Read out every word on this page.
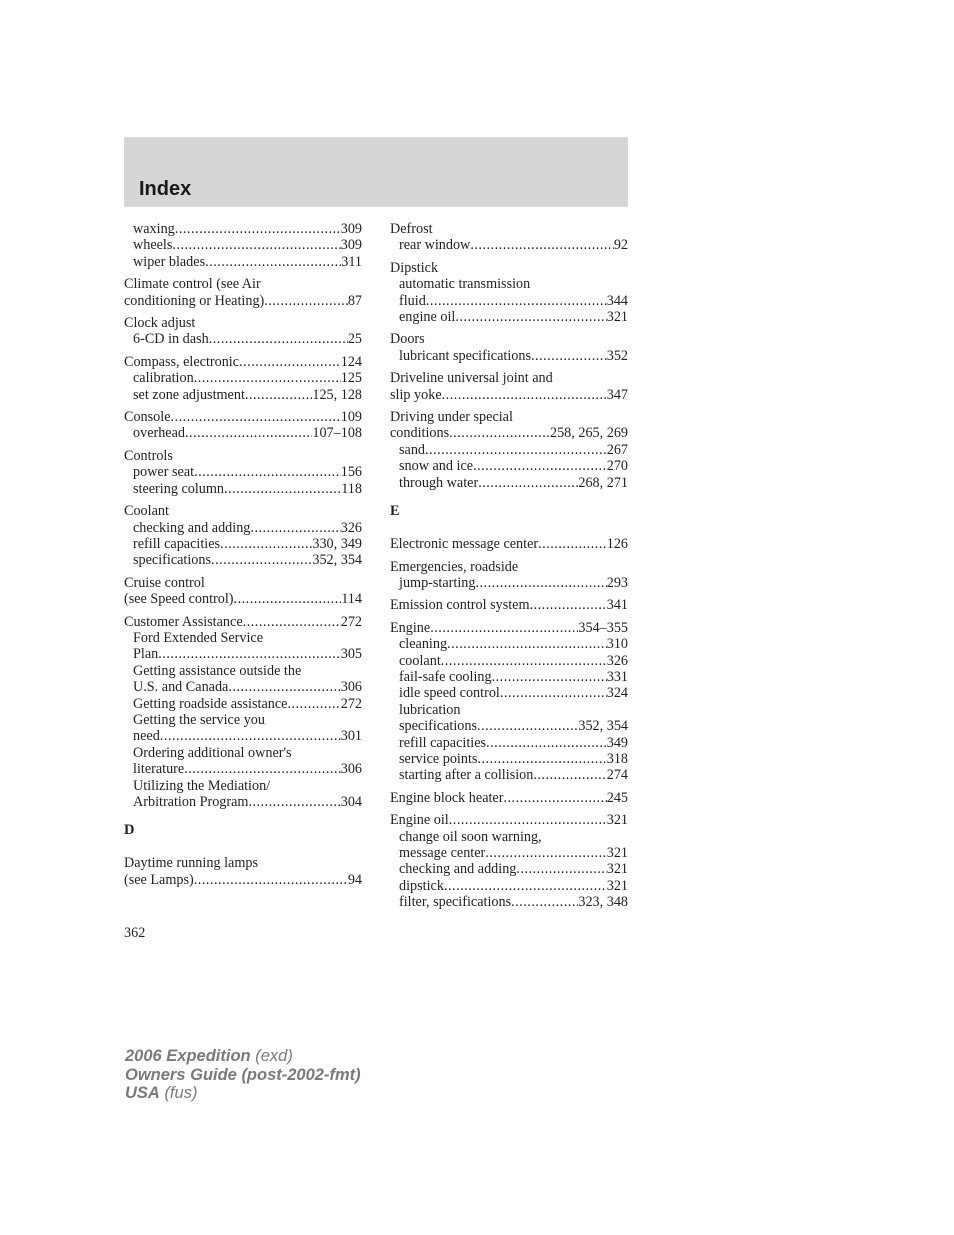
Index
waxing .....	309
wheels .....	309
wiper blades .....	311
Climate control (see Air
conditioning or Heating) .....	87
Clock adjust
6-CD in dash .....	25
Compass, electronic .....	124
calibration .....	125
set zone adjustment .....	125, 128
Console .....	109
overhead .....	107–108
Controls
power seat .....	156
steering column .....	118
Coolant
checking and adding .....	326
refill capacities .....	330, 349
specifications .....	352, 354
Cruise control
(see Speed control) .....	114
Customer Assistance .....	272
Ford Extended Service
Plan .....	305
Getting assistance outside the
U.S. and Canada .....	306
Getting roadside assistance .....	272
Getting the service you
need .....	301
Ordering additional owner's
literature .....	306
Utilizing the Mediation/
Arbitration Program .....	304
D
Daytime running lamps
(see Lamps) .....	94
Defrost
rear window .....	92
Dipstick
automatic transmission
fluid .....	344
engine oil .....	321
Doors
lubricant specifications .....	352
Driveline universal joint and
slip yoke .....	347
Driving under special
conditions .....	258, 265, 269
sand .....	267
snow and ice .....	270
through water .....	268, 271
E
Electronic message center .....	126
Emergencies, roadside
jump-starting .....	293
Emission control system .....	341
Engine .....	354–355
cleaning .....	310
coolant .....	326
fail-safe cooling .....	331
idle speed control .....	324
lubrication
specifications .....	352, 354
refill capacities .....	349
service points .....	318
starting after a collision .....	274
Engine block heater .....	245
Engine oil .....	321
change oil soon warning,
message center .....	321
checking and adding .....	321
dipstick .....	321
filter, specifications .....	323, 348
362
2006 Expedition (exd)
Owners Guide (post-2002-fmt)
USA (fus)
